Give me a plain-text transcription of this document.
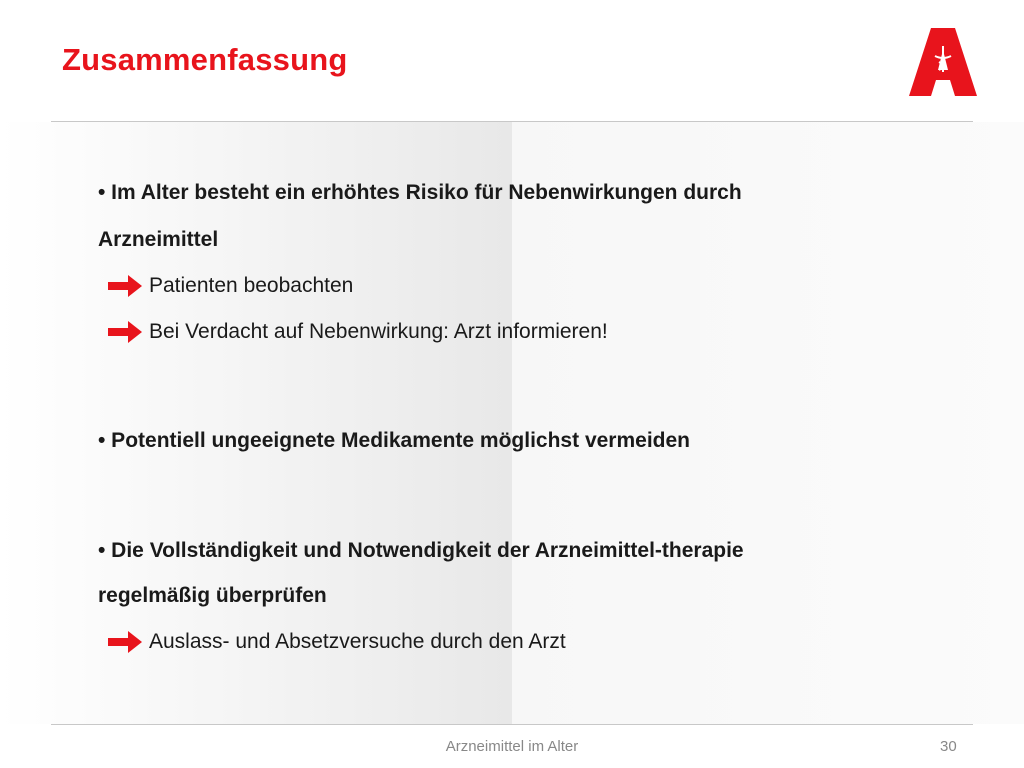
Zusammenfassung
• Im Alter besteht ein erhöhtes Risiko für Nebenwirkungen durch
Arzneimittel
Patienten beobachten
Bei Verdacht auf Nebenwirkung: Arzt informieren!
• Potentiell ungeeignete Medikamente möglichst vermeiden
• Die Vollständigkeit und Notwendigkeit der Arzneimittel-therapie
regelmäßig überprüfen
Auslass- und Absetzversuche durch den Arzt
Arzneimittel im Alter	30
